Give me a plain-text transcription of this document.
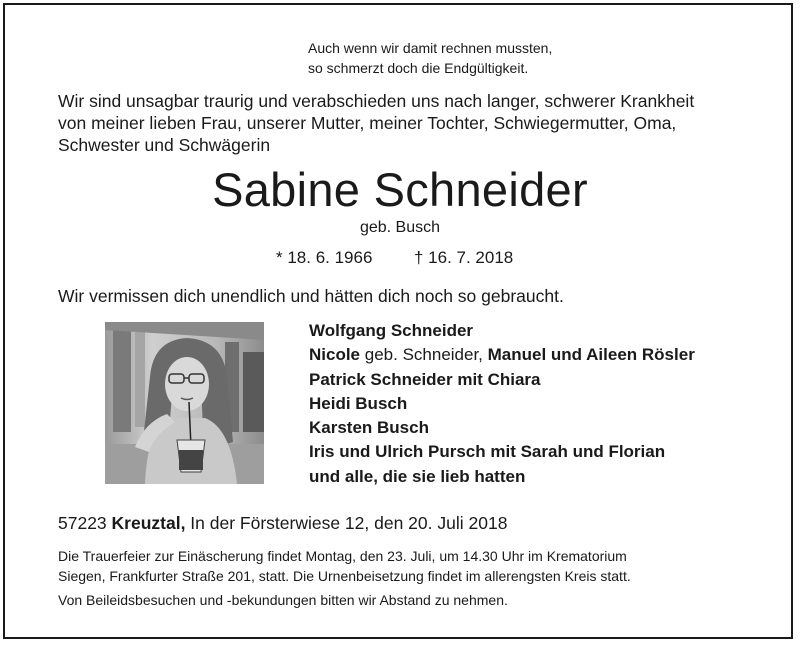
Auch wenn wir damit rechnen mussten,
so schmerzt doch die Endgültigkeit.
Wir sind unsagbar traurig und verabschieden uns nach langer, schwerer Krankheit
von meiner lieben Frau, unserer Mutter, meiner Tochter, Schwiegermutter, Oma,
Schwester und Schwägerin
Sabine Schneider
geb. Busch
* 18. 6. 1966 † 16. 7. 2018
Wir vermissen dich unendlich und hätten dich noch so gebraucht.
Wolfgang Schneider
Nicole geb. Schneider, Manuel und Aileen Rösler
Patrick Schneider mit Chiara
Heidi Busch
Karsten Busch
Iris und Ulrich Pursch mit Sarah und Florian
und alle, die sie lieb hatten
57223 Kreuztal, In der Försterwiese 12, den 20. Juli 2018
Die Trauerfeier zur Einäscherung findet Montag, den 23. Juli, um 14.30 Uhr im Krematorium
Siegen, Frankfurter Straße 201, statt. Die Urnenbeisetzung findet im allerengsten Kreis statt.
Von Beileidsbesuchen und -bekundungen bitten wir Abstand zu nehmen.
